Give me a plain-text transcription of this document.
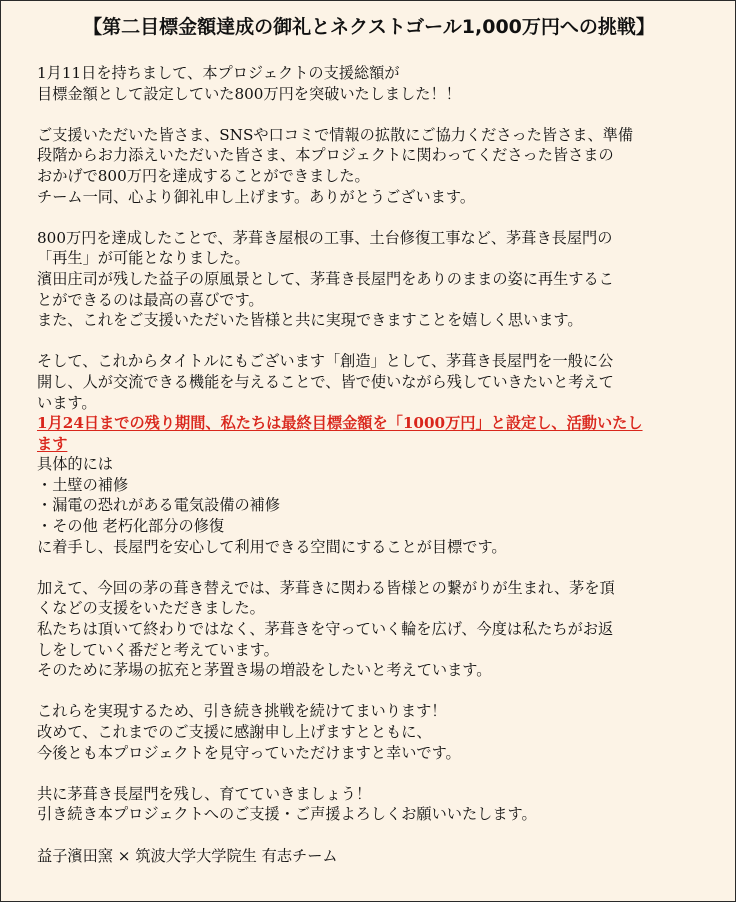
【第二目標金額達成の御礼とネクストゴール1,000万円への挑戦】
1月11日を持ちまして、本プロジェクトの支援総額が
目標金額として設定していた800万円を突破いたしました！！
ご支援いただいた皆さま、SNSや口コミで情報の拡散にご協力くださった皆さま、準備
段階からお力添えいただいた皆さま、本プロジェクトに関わってくださった皆さまの
おかげで800万円を達成することができました。
チーム一同、心より御礼申し上げます。ありがとうございます。
800万円を達成したことで、茅葺き屋根の工事、土台修復工事など、茅葺き長屋門の
「再生」が可能となりました。
濱田庄司が残した益子の原風景として、茅葺き長屋門をありのままの姿に再生するこ
とができるのは最高の喜びです。
また、これをご支援いただいた皆様と共に実現できますことを嬉しく思います。
そして、これからタイトルにもございます「創造」として、茅葺き長屋門を一般に公
開し、人が交流できる機能を与えることで、皆で使いながら残していきたいと考えて
います。
1月24日までの残り期間、私たちは最終目標金額を「1000万円」と設定し、活動いたし
ます
具体的には
・土壁の補修
・漏電の恐れがある電気設備の補修
・その他 老朽化部分の修復
に着手し、長屋門を安心して利用できる空間にすることが目標です。
加えて、今回の茅の葺き替えでは、茅葺きに関わる皆様との繋がりが生まれ、茅を頂
くなどの支援をいただきました。
私たちは頂いて終わりではなく、茅葺きを守っていく輪を広げ、今度は私たちがお返
しをしていく番だと考えています。
そのために茅場の拡充と茅置き場の増設をしたいと考えています。
これらを実現するため、引き続き挑戦を続けてまいります！
改めて、これまでのご支援に感謝申し上げますとともに、
今後とも本プロジェクトを見守っていただけますと幸いです。
共に茅葺き長屋門を残し、育てていきましょう！
引き続き本プロジェクトへのご支援・ご声援よろしくお願いいたします。
益子濱田窯 × 筑波大学大学院生 有志チーム
